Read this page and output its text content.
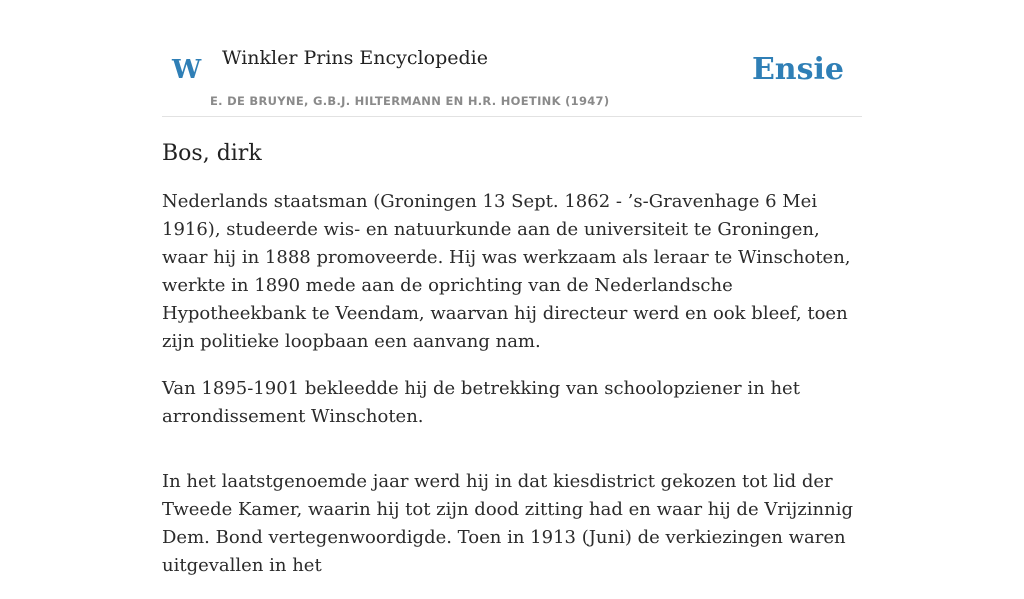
W Winkler Prins Encyclopedie
E. DE BRUYNE, G.B.J. HILTERMANN EN H.R. HOETINK (1947)
Ensie
Bos, dirk

Nederlands staatsman (Groningen 13 Sept. 1862 - ’s-Gravenhage 6 Mei 1916), studeerde wis- en natuurkunde aan de universiteit te Groningen, waar hij in 1888 promoveerde. Hij was werkzaam als leraar te Winschoten, werkte in 1890 mede aan de oprichting van de Nederlandsche Hypotheekbank te Veendam, waarvan hij directeur werd en ook bleef, toen zijn politieke loopbaan een aanvang nam.

Van 1895-1901 bekleedde hij de betrekking van schoolopziener in het arrondissement Winschoten.

In het laatstgenoemde jaar werd hij in dat kiesdistrict gekozen tot lid der Tweede Kamer, waarin hij tot zijn dood zitting had en waar hij de Vrijzinnig Dem. Bond vertegenwoordigde. Toen in 1913 (Juni) de verkiezingen waren uitgevallen in het
